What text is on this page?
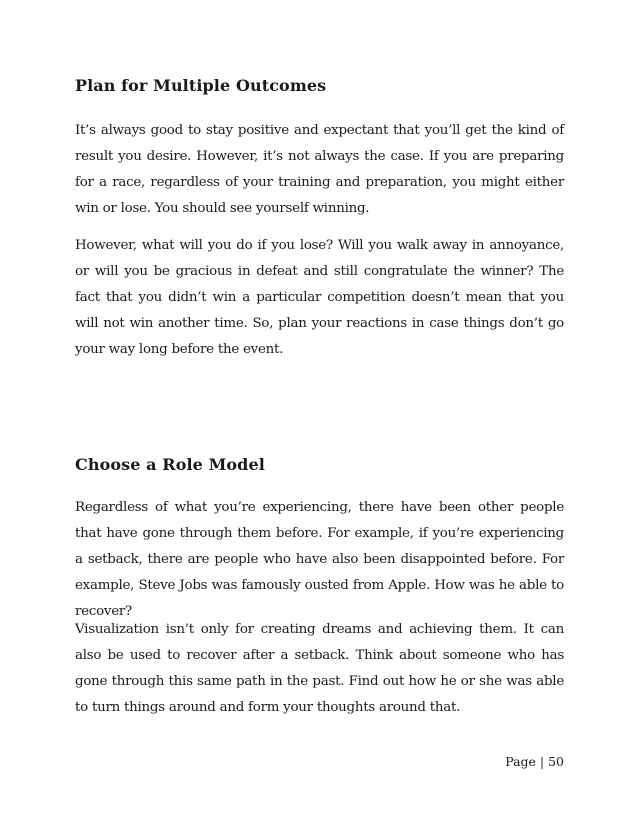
Plan for Multiple Outcomes

It’s always good to stay positive and expectant that you’ll get the kind of result you desire. However, it’s not always the case. If you are preparing for a race, regardless of your training and preparation, you might either win or lose. You should see yourself winning.

However, what will you do if you lose? Will you walk away in annoyance, or will you be gracious in defeat and still congratulate the winner? The fact that you didn’t win a particular competition doesn’t mean that you will not win another time. So, plan your reactions in case things don’t go your way long before the event.

Choose a Role Model

Regardless of what you’re experiencing, there have been other people that have gone through them before. For example, if you’re experiencing a setback, there are people who have also been disappointed before. For example, Steve Jobs was famously ousted from Apple. How was he able to recover?

Visualization isn’t only for creating dreams and achieving them. It can also be used to recover after a setback. Think about someone who has gone through this same path in the past. Find out how he or she was able to turn things around and form your thoughts around that.

Page | 50
